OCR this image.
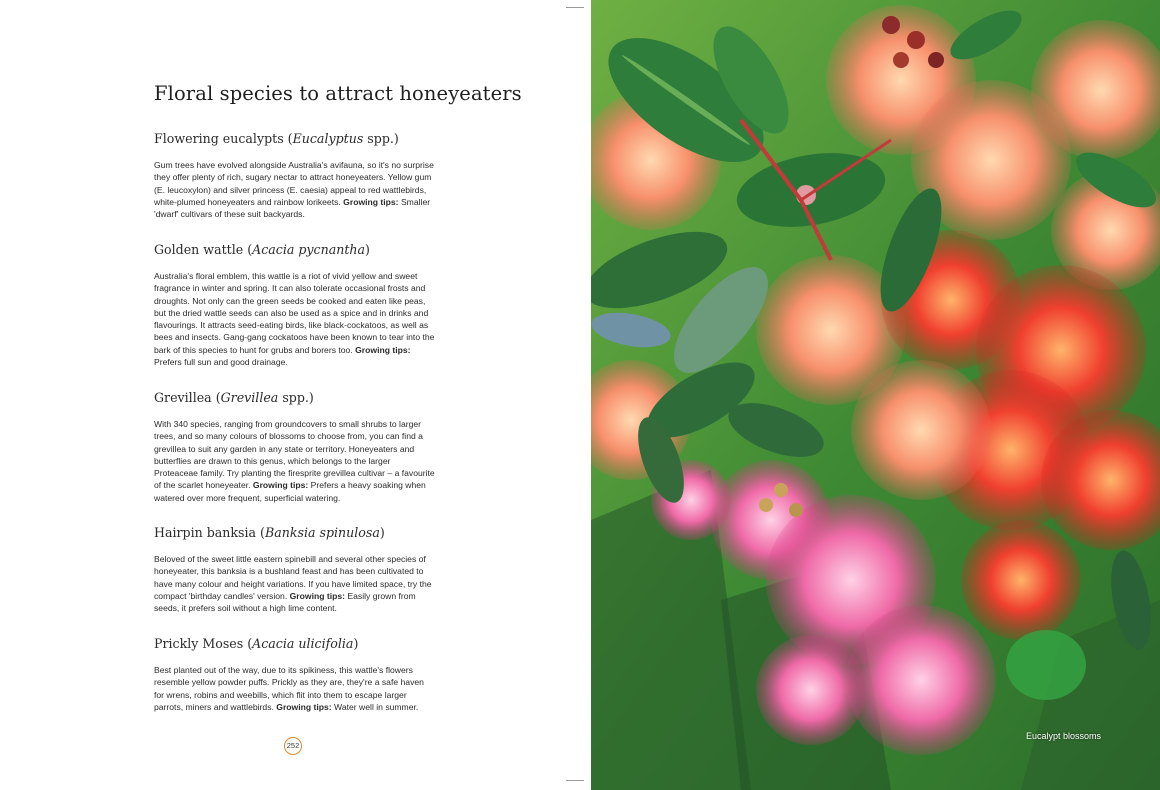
Floral species to attract honeyeaters
Flowering eucalypts (Eucalyptus spp.)
Gum trees have evolved alongside Australia's avifauna, so it's no surprise they offer plenty of rich, sugary nectar to attract honeyeaters. Yellow gum (E. leucoxylon) and silver princess (E. caesia) appeal to red wattlebirds, white-plumed honeyeaters and rainbow lorikeets. Growing tips: Smaller 'dwarf' cultivars of these suit backyards.
Golden wattle (Acacia pycnantha)
Australia's floral emblem, this wattle is a riot of vivid yellow and sweet fragrance in winter and spring. It can also tolerate occasional frosts and droughts. Not only can the green seeds be cooked and eaten like peas, but the dried wattle seeds can also be used as a spice and in drinks and flavourings. It attracts seed-eating birds, like black-cockatoos, as well as bees and insects. Gang-gang cockatoos have been known to tear into the bark of this species to hunt for grubs and borers too. Growing tips: Prefers full sun and good drainage.
Grevillea (Grevillea spp.)
With 340 species, ranging from groundcovers to small shrubs to larger trees, and so many colours of blossoms to choose from, you can find a grevillea to suit any garden in any state or territory. Honeyeaters and butterflies are drawn to this genus, which belongs to the larger Proteaceae family. Try planting the firesprite grevillea cultivar – a favourite of the scarlet honeyeater. Growing tips: Prefers a heavy soaking when watered over more frequent, superficial watering.
Hairpin banksia (Banksia spinulosa)
Beloved of the sweet little eastern spinebill and several other species of honeyeater, this banksia is a bushland feast and has been cultivated to have many colour and height variations. If you have limited space, try the compact 'birthday candles' version. Growing tips: Easily grown from seeds, it prefers soil without a high lime content.
Prickly Moses (Acacia ulicifolia)
Best planted out of the way, due to its spikiness, this wattle's flowers resemble yellow powder puffs. Prickly as they are, they're a safe haven for wrens, robins and weebills, which flit into them to escape larger parrots, miners and wattlebirds. Growing tips: Water well in summer.
252
Eucalypt blossoms
